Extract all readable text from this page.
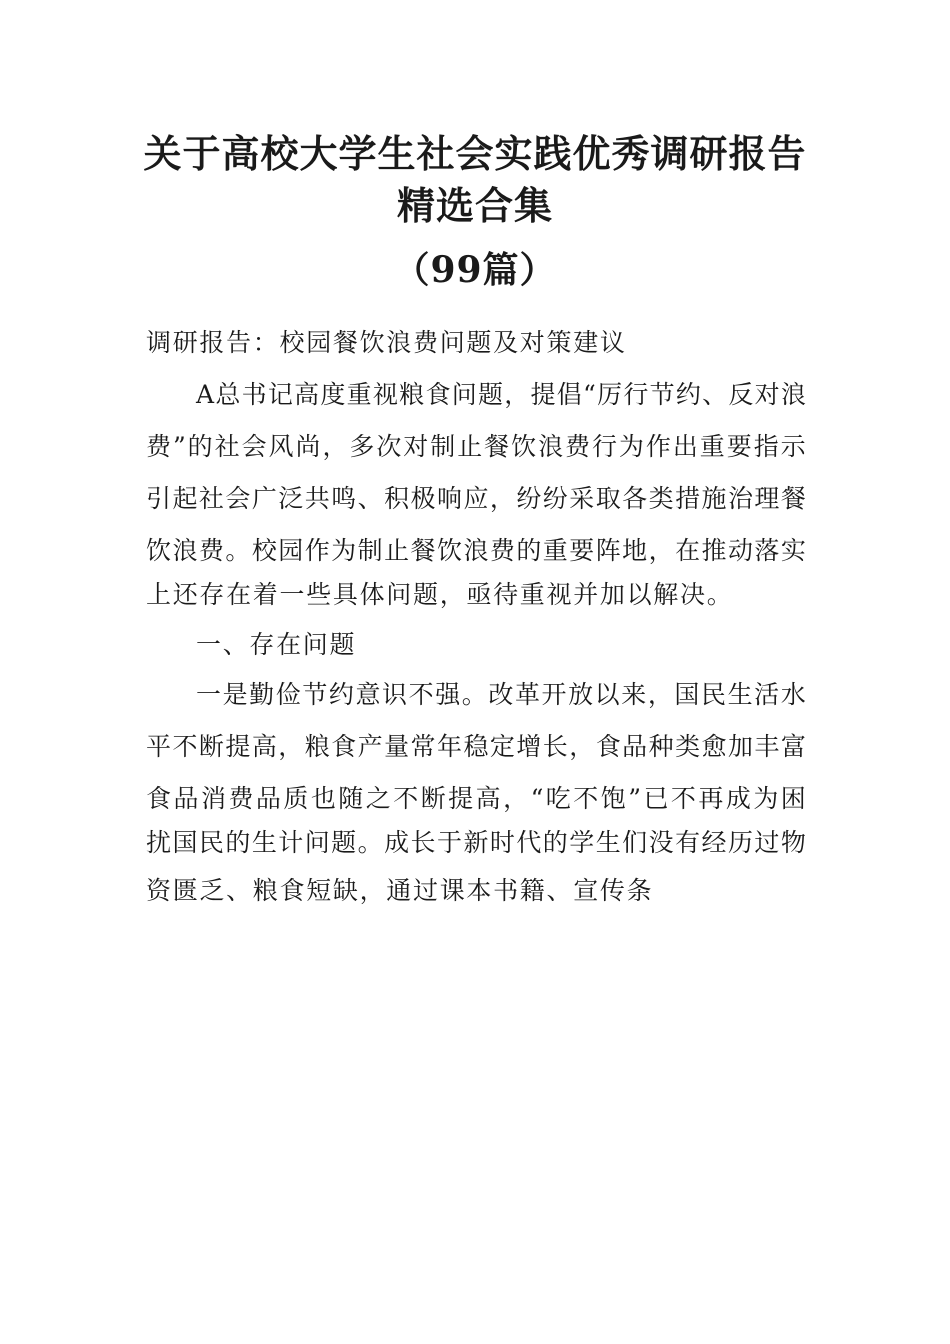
关于高校大学生社会实践优秀调研报告
精选合集
（99篇）
调研报告：校园餐饮浪费问题及对策建议
A 总 书 记 高 度 重 视 粮 食 问 题 ， 提 倡 “ 厉 行 节 约 、 反 对 浪
费 ” 的 社 会 风 尚 ， 多 次 对 制 止 餐 饮 浪 费 行 为 作 出 重 要 指 示
引 起 社 会 广 泛 共 鸣 、 积 极 响 应 ， 纷 纷 采 取 各 类 措 施 治 理 餐
饮 浪 费 。 校 园 作 为 制 止 餐 饮 浪 费 的 重 要 阵 地 ， 在 推 动 落 实
上还存在着一些具体问题，亟待重视并加以解决。
一、存在问题
一 是 勤 俭 节 约 意 识 不 强 。 改 革 开 放 以 来 ， 国 民 生 活 水
平 不 断 提 高 ， 粮 食 产 量 常 年 稳 定 增 长 ， 食 品 种 类 愈 加 丰 富
食 品 消 费 品 质 也 随 之 不 断 提 高 ， “ 吃 不 饱 ” 已 不 再 成 为 困
扰 国 民 的 生 计 问 题 。 成 长 于 新 时 代 的 学 生 们 没 有 经 历 过 物
资匮乏、粮食短缺，通过课本书籍、宣传条
